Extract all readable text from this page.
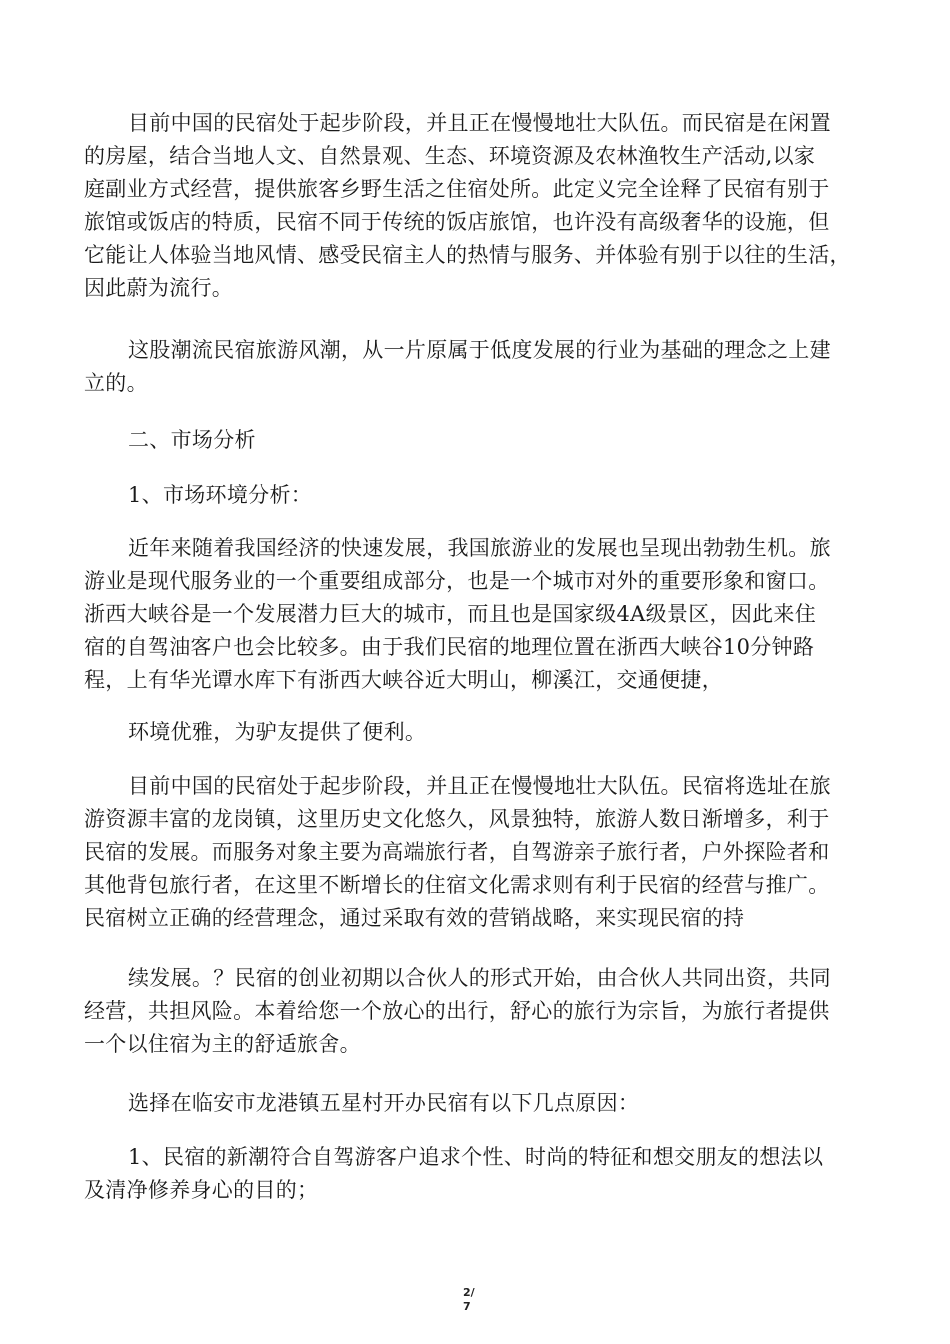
目前中国的民宿处于起步阶段，并且正在慢慢地壮大队伍。而民宿是在闲置
的房屋，结合当地人文、自然景观、生态、环境资源及农林渔牧生产活动,以家
庭副业方式经营，提供旅客乡野生活之住宿处所。此定义完全诠释了民宿有别于
旅馆或饭店的特质，民宿不同于传统的饭店旅馆，也许没有高级奢华的设施，但
它能让人体验当地风情、感受民宿主人的热情与服务、并体验有别于以往的生活，
因此蔚为流行。
这股潮流民宿旅游风潮，从一片原属于低度发展的行业为基础的理念之上建
立的。
二、市场分析
1、市场环境分析：
近年来随着我国经济的快速发展，我国旅游业的发展也呈现出勃勃生机。旅
游业是现代服务业的一个重要组成部分，也是一个城市对外的重要形象和窗口。
浙西大峡谷是一个发展潜力巨大的城市，而且也是国家级4A级景区，因此来住
宿的自驾油客户也会比较多。由于我们民宿的地理位置在浙西大峡谷10分钟路
程，上有华光谭水库下有浙西大峡谷近大明山，柳溪江，交通便捷，
环境优雅，为驴友提供了便利。
目前中国的民宿处于起步阶段，并且正在慢慢地壮大队伍。民宿将选址在旅
游资源丰富的龙岗镇，这里历史文化悠久，风景独特，旅游人数日渐增多，利于
民宿的发展。而服务对象主要为高端旅行者，自驾游亲子旅行者，户外探险者和
其他背包旅行者，在这里不断增长的住宿文化需求则有利于民宿的经营与推广。
民宿树立正确的经营理念，通过采取有效的营销战略，来实现民宿的持
续发展。？民宿的创业初期以合伙人的形式开始，由合伙人共同出资，共同
经营，共担风险。本着给您一个放心的出行，舒心的旅行为宗旨，为旅行者提供
一个以住宿为主的舒适旅舍。
选择在临安市龙港镇五星村开办民宿有以下几点原因：
1、民宿的新潮符合自驾游客户追求个性、时尚的特征和想交朋友的想法以
及清净修养身心的目的；
2/
7
